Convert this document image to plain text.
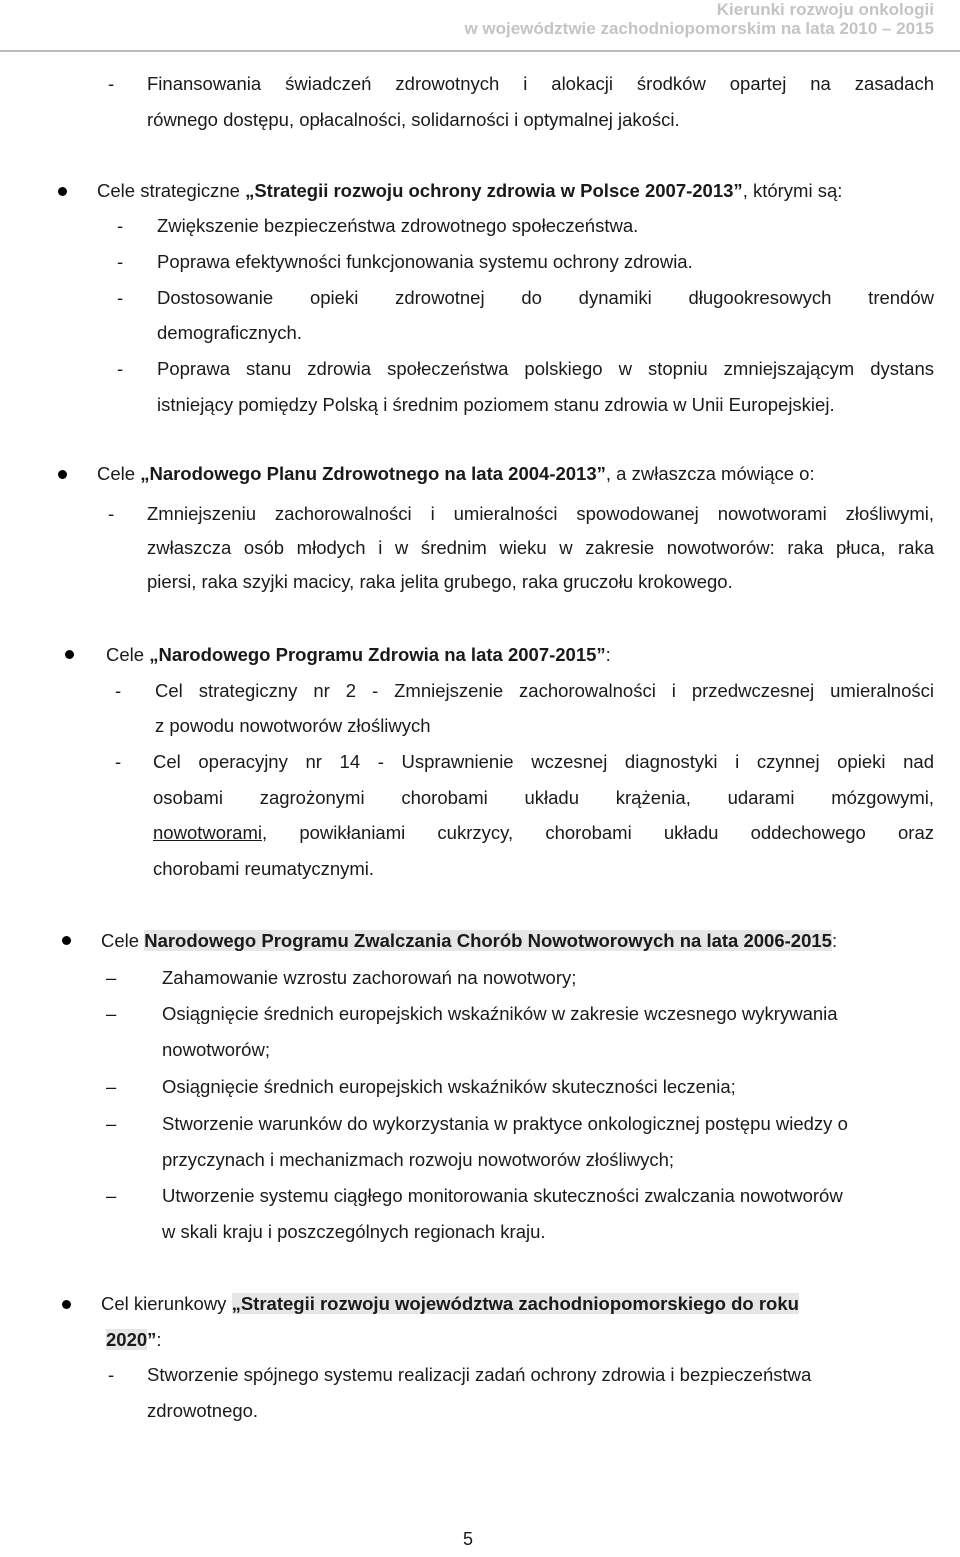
Kierunki rozwoju onkologii
w województwie zachodniopomorskim na lata 2010 – 2015
- Finansowania świadczeń zdrowotnych i alokacji środków opartej na zasadach
równego dostępu, opłacalności, solidarności i optymalnej jakości.
Cele strategiczne „Strategii rozwoju ochrony zdrowia w Polsce 2007-2013”, którymi są:
- Zwiększenie bezpieczeństwa zdrowotnego społeczeństwa.
- Poprawa efektywności funkcjonowania systemu ochrony zdrowia.
- Dostosowanie opieki zdrowotnej do dynamiki długookresowych trendów
demograficznych.
- Poprawa stanu zdrowia społeczeństwa polskiego w stopniu zmniejszającym dystans
istniejący pomiędzy Polską i średnim poziomem stanu zdrowia w Unii Europejskiej.
Cele „Narodowego Planu Zdrowotnego na lata 2004-2013”, a zwłaszcza mówiące o:
- Zmniejszeniu zachorowalności i umieralności spowodowanej nowotworami złośliwymi,
zwłaszcza osób młodych i w średnim wieku w zakresie nowotworów: raka płuca, raka
piersi, raka szyjki macicy, raka jelita grubego, raka gruczołu krokowego.
Cele „Narodowego Programu Zdrowia na lata 2007-2015”:
- Cel strategiczny nr 2 - Zmniejszenie zachorowalności i przedwczesnej umieralności
z powodu nowotworów złośliwych
- Cel operacyjny nr 14 - Usprawnienie wczesnej diagnostyki i czynnej opieki nad
osobami zagrożonymi chorobami układu krążenia, udarami mózgowymi,
nowotworami, powikłaniami cukrzycy, chorobami układu oddechowego oraz
chorobami reumatycznymi.
Cele Narodowego Programu Zwalczania Chorób Nowotworowych na lata 2006-2015:
– Zahamowanie wzrostu zachorowań na nowotwory;
– Osiągnięcie średnich europejskich wskaźników w zakresie wczesnego wykrywania
nowotworów;
– Osiągnięcie średnich europejskich wskaźników skuteczności leczenia;
– Stworzenie warunków do wykorzystania w praktyce onkologicznej postępu wiedzy o
przyczynach i mechanizmach rozwoju nowotworów złośliwych;
– Utworzenie systemu ciągłego monitorowania skuteczności zwalczania nowotworów
w skali kraju i poszczególnych regionach kraju.
Cel kierunkowy „Strategii rozwoju województwa zachodniopomorskiego do roku
2020”:
- Stworzenie spójnego systemu realizacji zadań ochrony zdrowia i bezpieczeństwa
zdrowotnego.
5
